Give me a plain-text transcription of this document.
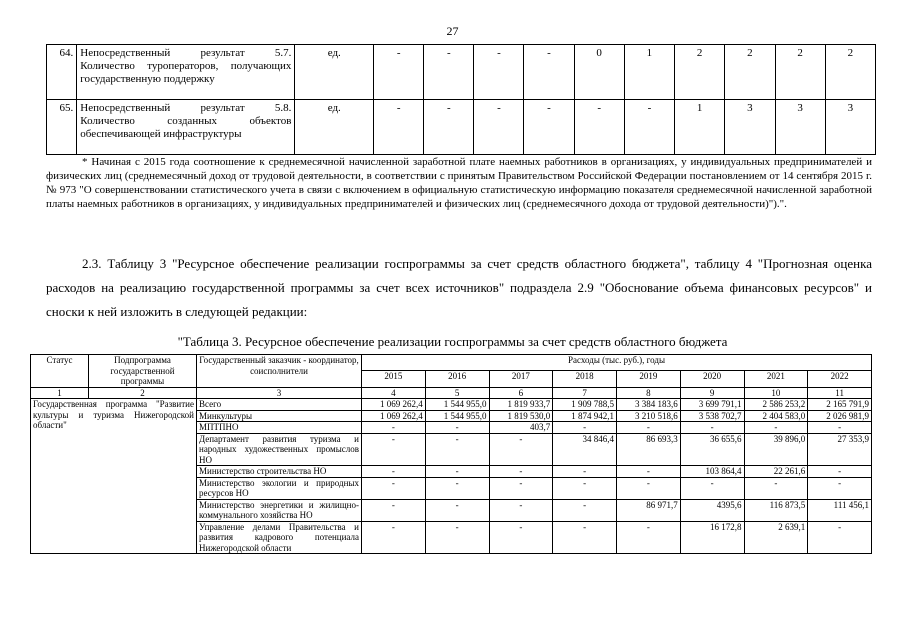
27
64.	Непосредственный результат 5.7. Количество туроператоров, получающих государственную поддержку	ед.	-	-	-	-	0	1	2	2	2	2
65.	Непосредственный результат 5.8. Количество созданных объектов обеспечивающей инфраструктуры	ед.	-	-	-	-	-	-	1	3	3	3
* Начиная с 2015 года соотношение к среднемесячной начисленной заработной плате наемных работников в организациях, у индивидуальных предпринимателей и физических лиц (среднемесячный доход от трудовой деятельности, в соответствии с принятым Правительством Российской Федерации постановлением от 14 сентября 2015 г. № 973 "О совершенствовании статистического учета в связи с включением в официальную статистическую информацию показателя среднемесячной начисленной заработной платы наемных работников в организациях, у индивидуальных предпринимателей и физических лиц (среднемесячного дохода от трудовой деятельности)").".
2.3. Таблицу 3 "Ресурсное обеспечение реализации госпрограммы за счет средств областного бюджета", таблицу 4 "Прогнозная оценка расходов на реализацию государственной программы за счет всех источников" подраздела 2.9 "Обоснование объема финансовых ресурсов" и сноски к ней изложить в следующей редакции:
"Таблица 3. Ресурсное обеспечение реализации госпрограммы за счет средств областного бюджета
Статус	Подпрограмма государственной программы	Государственный заказчик - координатор, соисполнители	Расходы (тыс. руб.), годы							
			2015	2016	2017	2018	2019	2020	2021	2022
1	2	3	4	5	6	7	8	9	10	11
Государственная программа "Развитие культуры и туризма Нижегородской области"		Всего	1 069 262,4	1 544 955,0	1 819 933,7	1 909 788,5	3 384 183,6	3 699 791,1	2 586 253,2	2 165 791,9
		Минкультуры	1 069 262,4	1 544 955,0	1 819 530,0	1 874 942,1	3 210 518,6	3 538 702,7	2 404 583,0	2 026 981,9
		МПТПНО	-	-	403,7	-	-	-	-	-
		Департамент развития туризма и народных художественных промыслов НО	-	-	-	34 846,4	86 693,3	36 655,6	39 896,0	27 353,9
		Министерство строительства НО	-	-	-	-	-	103 864,4	22 261,6	-
		Министерство экологии и природных ресурсов НО	-	-	-	-	-	-	-	-
		Министерство энергетики и жилищно-коммунального хозяйства НО	-	-	-	-	86 971,7	4395,6	116 873,5	111 456,1
		Управление делами Правительства и развития кадрового потенциала Нижегородской области	-	-	-	-	-	16 172,8	2 639,1	-
